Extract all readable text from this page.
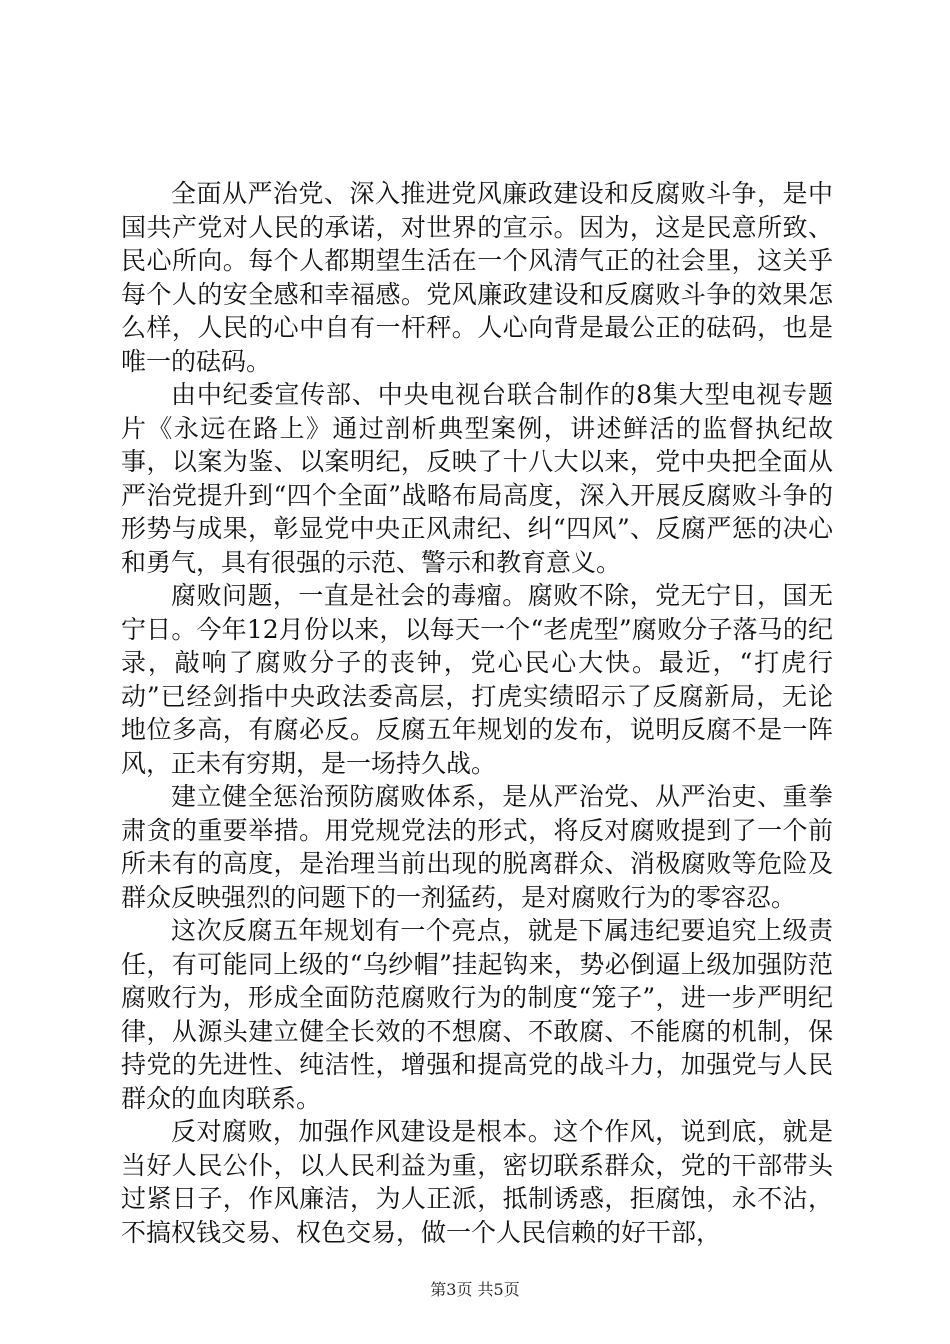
全面从严治党、深入推进党风廉政建设和反腐败斗争，是中国共产党对人民的承诺，对世界的宣示。因为，这是民意所致、民心所向。每个人都期望生活在一个风清气正的社会里，这关乎每个人的安全感和幸福感。党风廉政建设和反腐败斗争的效果怎么样，人民的心中自有一杆秤。人心向背是最公正的砝码，也是唯一的砝码。

由中纪委宣传部、中央电视台联合制作的8集大型电视专题片《永远在路上》通过剖析典型案例，讲述鲜活的监督执纪故事，以案为鉴、以案明纪，反映了十八大以来，党中央把全面从严治党提升到“四个全面”战略布局高度，深入开展反腐败斗争的形势与成果，彰显党中央正风肃纪、纠“四风”、反腐严惩的决心和勇气，具有很强的示范、警示和教育意义。

腐败问题，一直是社会的毒瘤。腐败不除，党无宁日，国无宁日。今年12月份以来，以每天一个“老虎型”腐败分子落马的纪录，敲响了腐败分子的丧钟，党心民心大快。最近，“打虎行动”已经剑指中央政法委高层，打虎实绩昭示了反腐新局，无论地位多高，有腐必反。反腐五年规划的发布，说明反腐不是一阵风，正未有穷期，是一场持久战。

建立健全惩治预防腐败体系，是从严治党、从严治吏、重拳肃贪的重要举措。用党规党法的形式，将反对腐败提到了一个前所未有的高度，是治理当前出现的脱离群众、消极腐败等危险及群众反映强烈的问题下的一剂猛药，是对腐败行为的零容忍。

这次反腐五年规划有一个亮点，就是下属违纪要追究上级责任，有可能同上级的“乌纱帽”挂起钩来，势必倒逼上级加强防范腐败行为，形成全面防范腐败行为的制度“笼子”，进一步严明纪律，从源头建立健全长效的不想腐、不敢腐、不能腐的机制，保持党的先进性、纯洁性，增强和提高党的战斗力，加强党与人民群众的血肉联系。

反对腐败，加强作风建设是根本。这个作风，说到底，就是当好人民公仆，以人民利益为重，密切联系群众，党的干部带头过紧日子，作风廉洁，为人正派，抵制诱惑，拒腐蚀，永不沾，不搞权钱交易、权色交易，做一个人民信赖的好干部，

第3页 共5页
